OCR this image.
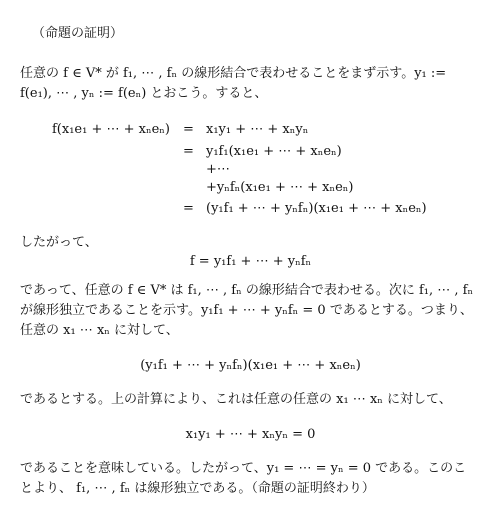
（命題の証明）
任意の f ∈ V* が f₁, ⋯ , fₙ の線形結合で表わせることをまず示す。y₁ :=
f(e₁), ⋯ , yₙ := f(eₙ) とおこう。すると、
f(x₁e₁ + ⋯ + xₙeₙ) = x₁y₁ + ⋯ + xₙyₙ
= y₁f₁(x₁e₁ + ⋯ + xₙeₙ)
+⋯
+yₙfₙ(x₁e₁ + ⋯ + xₙeₙ)
= (y₁f₁ + ⋯ + yₙfₙ)(x₁e₁ + ⋯ + xₙeₙ)
したがって、
f = y₁f₁ + ⋯ + yₙfₙ
であって、任意の f ∈ V* は f₁, ⋯ , fₙ の線形結合で表わせる。次に f₁, ⋯ , fₙ
が線形独立であることを示す。y₁f₁ + ⋯ + yₙfₙ = 0 であるとする。つまり、
任意の x₁ ⋯ xₙ に対して、
(y₁f₁ + ⋯ + yₙfₙ)(x₁e₁ + ⋯ + xₙeₙ)
であるとする。上の計算により、これは任意の任意の x₁ ⋯ xₙ に対して、
x₁y₁ + ⋯ + xₙyₙ = 0
であることを意味している。したがって、y₁ = ⋯ = yₙ = 0 である。このこ
とより、 f₁, ⋯ , fₙ は線形独立である。（命題の証明終わり）
